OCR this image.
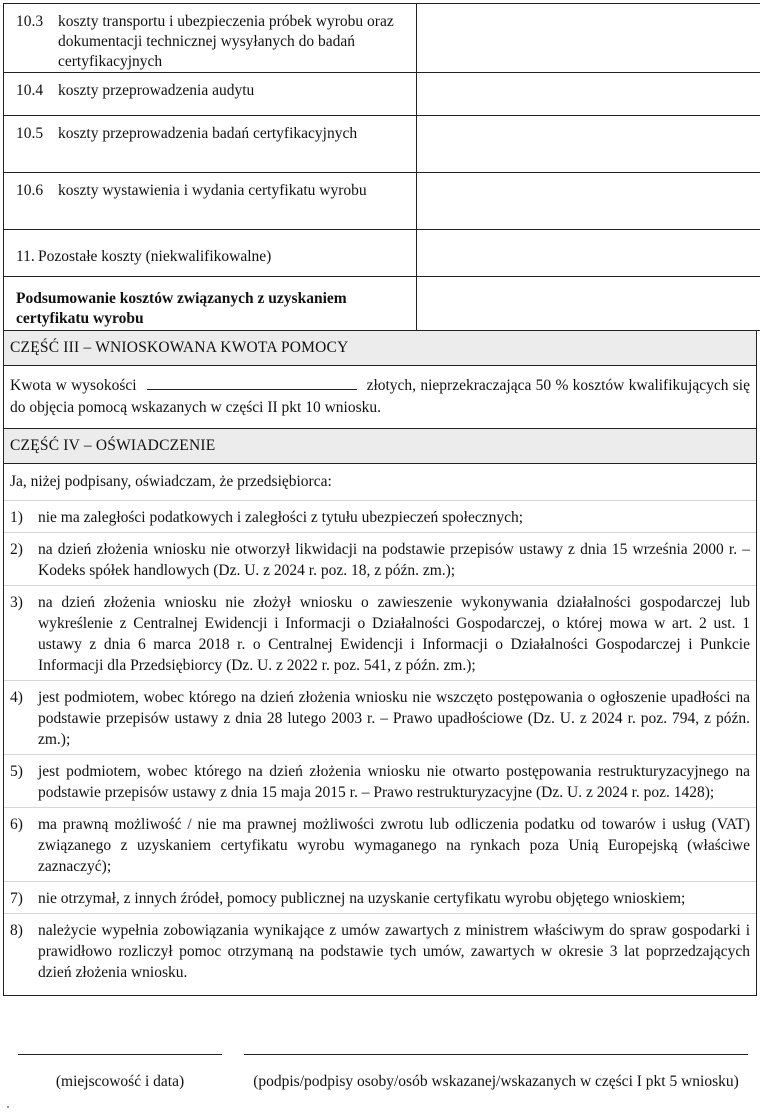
10.3 koszty transportu i ubezpieczenia próbek wyrobu oraz dokumentacji technicznej wysyłanych do badań certyfikacyjnych	

10.4 koszty przeprowadzenia audytu	

10.5 koszty przeprowadzenia badań certyfikacyjnych	

10.6 koszty wystawienia i wydania certyfikatu wyrobu	

11. Pozostałe koszty (niekwalifikowalne)	

Podsumowanie kosztów związanych z uzyskaniem certyfikatu wyrobu	
CZĘŚĆ III – WNIOSKOWANA KWOTA POMOCY
Kwota w wysokości	złotych, nieprzekraczająca 50 % kosztów kwalifikujących się do objęcia pomocą wskazanych w części II pkt 10 wniosku.
CZĘŚĆ IV – OŚWIADCZENIE
Ja, niżej podpisany, oświadczam, że przedsiębiorca:
1) nie ma zaległości podatkowych i zaległości z tytułu ubezpieczeń społecznych;
2) na dzień złożenia wniosku nie otworzył likwidacji na podstawie przepisów ustawy z dnia 15 września 2000 r. – Kodeks spółek handlowych (Dz. U. z 2024 r. poz. 18, z późn. zm.);
3) na dzień złożenia wniosku nie złożył wniosku o zawieszenie wykonywania działalności gospodarczej lub wykreślenie z Centralnej Ewidencji i Informacji o Działalności Gospodarczej, o której mowa w art. 2 ust. 1 ustawy z dnia 6 marca 2018 r. o Centralnej Ewidencji i Informacji o Działalności Gospodarczej i Punkcie Informacji dla Przedsiębiorcy (Dz. U. z 2022 r. poz. 541, z późn. zm.);
4) jest podmiotem, wobec którego na dzień złożenia wniosku nie wszczęto postępowania o ogłoszenie upadłości na podstawie przepisów ustawy z dnia 28 lutego 2003 r. – Prawo upadłościowe (Dz. U. z 2024 r. poz. 794, z późn. zm.);
5) jest podmiotem, wobec którego na dzień złożenia wniosku nie otwarto postępowania restrukturyzacyjnego na podstawie przepisów ustawy z dnia 15 maja 2015 r. – Prawo restrukturyzacyjne (Dz. U. z 2024 r. poz. 1428);
6) ma prawną możliwość / nie ma prawnej możliwości zwrotu lub odliczenia podatku od towarów i usług (VAT) związanego z uzyskaniem certyfikatu wyrobu wymaganego na rynkach poza Unią Europejską (właściwe zaznaczyć);
7) nie otrzymał, z innych źródeł, pomocy publicznej na uzyskanie certyfikatu wyrobu objętego wnioskiem;
8) należycie wypełnia zobowiązania wynikające z umów zawartych z ministrem właściwym do spraw gospodarki i prawidłowo rozliczył pomoc otrzymaną na podstawie tych umów, zawartych w okresie 3 lat poprzedzających dzień złożenia wniosku.
(miejscowość i data)	(podpis/podpisy osoby/osób wskazanej/wskazanych w części I pkt 5 wniosku)
